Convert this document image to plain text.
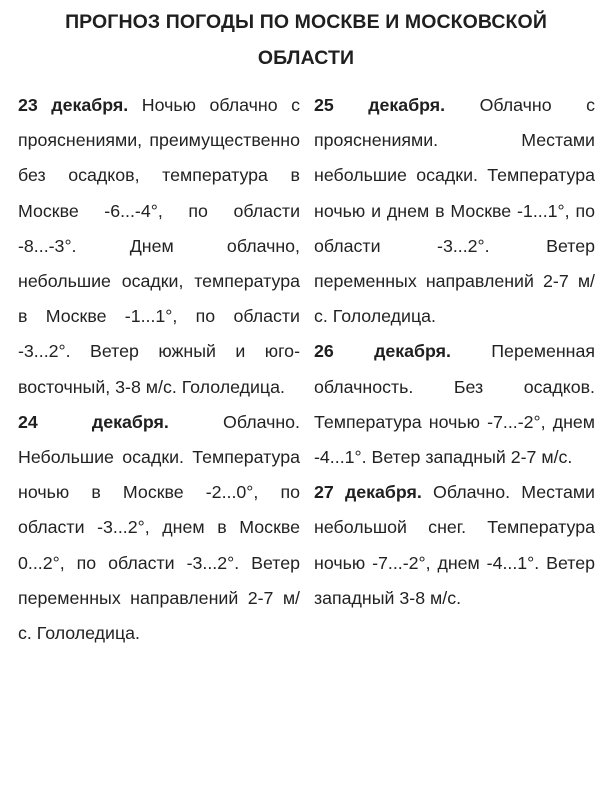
ПРОГНОЗ ПОГОДЫ ПО МОСКВЕ И МОСКОВСКОЙ ОБЛАСТИ

23 декабря. Ночью облачно с прояснениями, преимущественно без осадков, температура в Москве -6...-4°, по области -8...-3°. Днем облачно, небольшие осадки, температура в Москве -1...1°, по области -3...2°. Ветер южный и юго-восточный, 3-8 м/с. Гололедица.

24 декабря.	Облачно. Небольшие осадки. Температура ночью в Москве -2...0°, по области -3...2°, днем в Москве 0...2°, по области -3...2°. Ветер переменных направлений 2-7 м/с. Гололедица.

25 декабря. Облачно с прояснениями. Местами небольшие осадки. Температура ночью и днем в Москве -1...1°, по области -3...2°. Ветер переменных направлений 2-7 м/с. Гололедица.

26 декабря. Переменная облачность. Без осадков. Температура ночью -7...-2°, днем -4...1°. Ветер западный 2-7 м/с.

27 декабря. Облачно. Местами небольшой снег. Температура ночью -7...-2°, днем -4...1°. Ветер западный 3-8 м/с.
